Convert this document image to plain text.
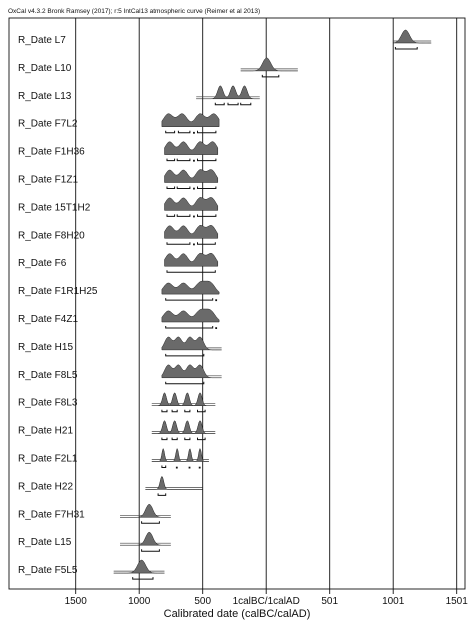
OxCal v4.3.2 Bronk Ramsey (2017); r:5 IntCal13 atmospheric curve (Reimer et al 2013)
R_Date L7
R_Date L10
R_Date L13
R_Date F7L2
R_Date F1H36
R_Date F1Z1
R_Date 15T1H2
R_Date F8H20
R_Date F6
R_Date F1R1H25
R_Date F4Z1
R_Date H15
R_Date F8L5
R_Date F8L3
R_Date H21
R_Date F2L1
R_Date H22
R_Date F7H31
R_Date L15
R_Date F5L5
1500	1000	500 1calBC/1calAD 501	1001	1501
Calibrated date (calBC/calAD)
